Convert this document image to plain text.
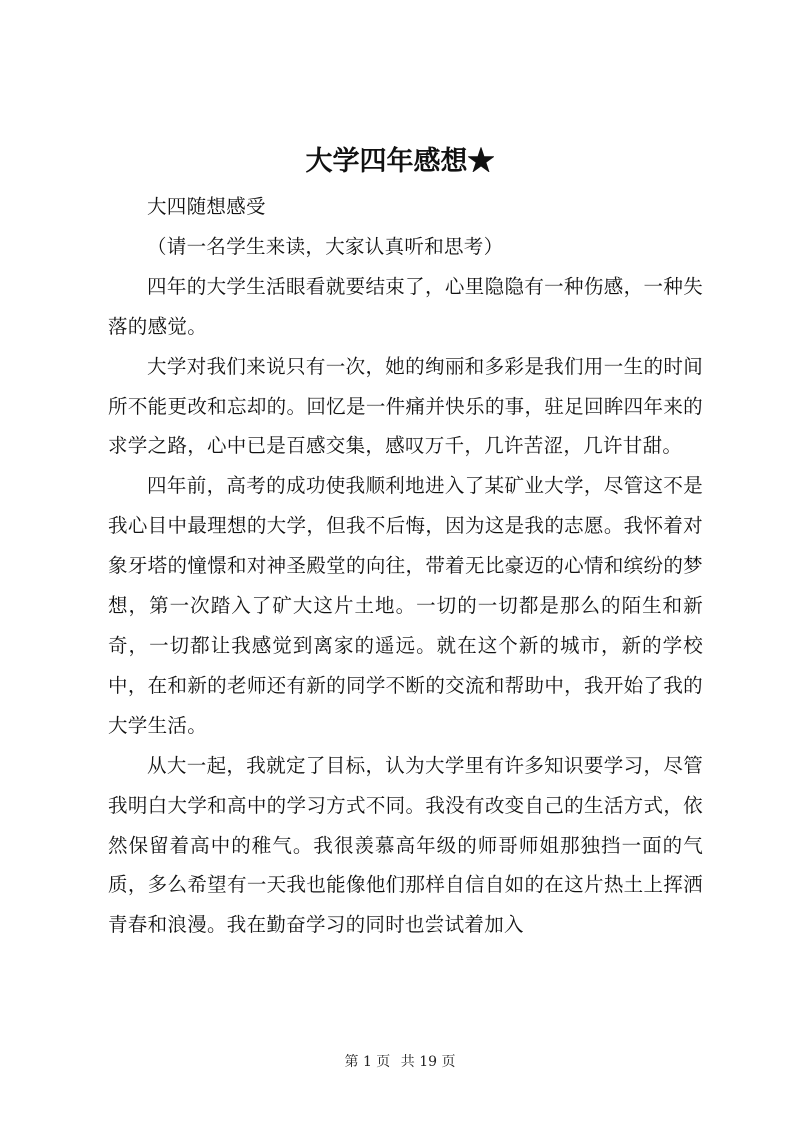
大学四年感想★

大四随想感受

（请一名学生来读，大家认真听和思考）

四年的大学生活眼看就要结束了，心里隐隐有一种伤感，一种失落的感觉。

大学对我们来说只有一次，她的绚丽和多彩是我们用一生的时间所不能更改和忘却的。回忆是一件痛并快乐的事，驻足回眸四年来的求学之路，心中已是百感交集，感叹万千，几许苦涩，几许甘甜。

四年前，高考的成功使我顺利地进入了某矿业大学，尽管这不是我心目中最理想的大学，但我不后悔，因为这是我的志愿。我怀着对象牙塔的憧憬和对神圣殿堂的向往，带着无比豪迈的心情和缤纷的梦想，第一次踏入了矿大这片土地。一切的一切都是那么的陌生和新奇，一切都让我感觉到离家的遥远。就在这个新的城市，新的学校中，在和新的老师还有新的同学不断的交流和帮助中，我开始了我的大学生活。

从大一起，我就定了目标，认为大学里有许多知识要学习，尽管我明白大学和高中的学习方式不同。我没有改变自己的生活方式，依然保留着高中的稚气。我很羡慕高年级的师哥师姐那独挡一面的气质，多么希望有一天我也能像他们那样自信自如的在这片热土上挥洒青春和浪漫。我在勤奋学习的同时也尝试着加入

第 1 页 共 19 页
